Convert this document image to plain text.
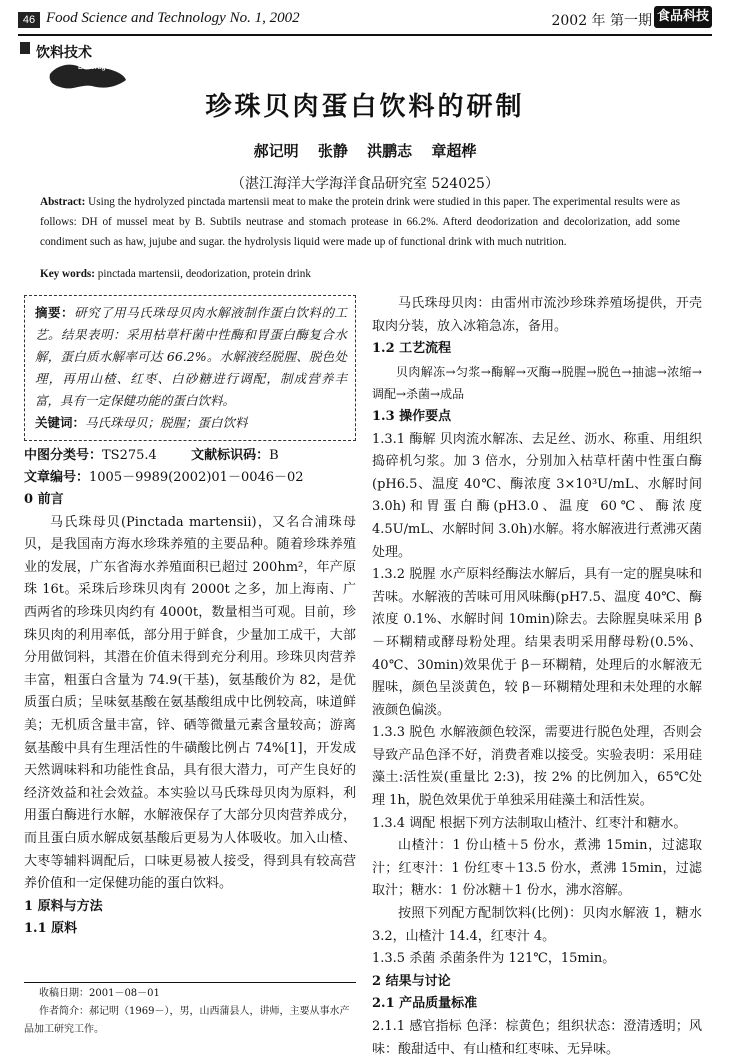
46 Food Science and Technology No. 1, 2002	2002 年 第一期 食品科技
饮料技术
Beverage
珍珠贝肉蛋白饮料的研制
郝记明 张静 洪鹏志 章超桦
（湛江海洋大学海洋食品研究室 524025）
Abstract: Using the hydrolyzed pinctada martensii meat to make the protein drink were studied in this paper. The experimental results were as follows: DH of mussel meat by B. Subtils neutrase and stomach protease in 66.2%. Afterd deodorization and decolorization, add some condiment such as haw, jujube and sugar. the hydrolysis liquid were made up of functional drink with much nutrition.
Key words: pinctada martensii, deodorization, protein drink
摘要：研究了用马氏珠母贝肉水解液制作蛋白饮料的工艺。结果表明：采用枯草杆菌中性酶和胃蛋白酶复合水解，蛋白质水解率可达 66.2%。水解液经脱腥、脱色处理，再用山楂、红枣、白砂糖进行调配，制成营养丰富，具有一定保健功能的蛋白饮料。
关键词：马氏珠母贝；脱腥；蛋白饮料
中图分类号：TS275.4	文献标识码：B
文章编号：1005－9989(2002)01－0046－02
0 前言

马氏珠母贝(Pinctada martensii)，又名合浦珠母贝，是我国南方海水珍珠养殖的主要品种。随着珍珠养殖业的发展，广东省海水养殖面积已超过 200hm²，年产原珠 16t。采珠后珍珠贝肉有 2000t 之多，加上海南、广西两省的珍珠贝肉约有 4000t，数量相当可观。目前，珍珠贝肉的利用率低，部分用于鲜食，少量加工成干，大部分用做饲料，其潜在价值未得到充分利用。珍珠贝肉营养丰富，粗蛋白含量为 74.9(干基)，氨基酸价为 82，是优质蛋白质；呈味氨基酸在氨基酸组成中比例较高，味道鲜美；无机质含量丰富，锌、硒等微量元素含量较高；游离氨基酸中具有生理活性的牛磺酸比例占 74%[1]，开发成天然调味料和功能性食品，具有很大潜力，可产生良好的经济效益和社会效益。本实验以马氏珠母贝肉为原料，利用蛋白酶进行水解，水解液保存了大部分贝肉营养成分，而且蛋白质水解成氨基酸后更易为人体吸收。加入山楂、大枣等辅料调配后，口味更易被人接受，得到具有较高营养价值和一定保健功能的蛋白饮料。

1 原料与方法
1.1 原料
收稿日期：2001－08－01
作者简介：郝记明（1969－），男，山西蒲县人，讲师，主要从事水产品加工研究工作。

马氏珠母贝肉：由雷州市流沙珍珠养殖场提供，开壳取肉分装，放入冰箱急冻，备用。

1.2 工艺流程

贝肉解冻→匀浆→酶解→灭酶→脱腥→脱色→抽滤→浓缩→调配→杀菌→成品

1.3 操作要点

1.3.1 酶解 贝肉流水解冻、去足丝、沥水、称重、用组织捣碎机匀浆。加 3 倍水，分别加入枯草杆菌中性蛋白酶(pH6.5、温度 40℃、酶浓度 3×10³U/mL、水解时间 3.0h)和胃蛋白酶(pH3.0、温度 60℃、酶浓度 4.5U/mL、水解时间 3.0h)水解。将水解液进行煮沸灭菌处理。

1.3.2 脱腥 水产原料经酶法水解后，具有一定的腥臭味和苦味。水解液的苦味可用风味酶(pH7.5、温度 40℃、酶浓度 0.1%、水解时间 10min)除去。去除腥臭味采用 β－环糊精或酵母粉处理。结果表明采用酵母粉(0.5%、40℃、30min)效果优于 β－环糊精，处理后的水解液无腥味，颜色呈淡黄色，较 β－环糊精处理和未处理的水解液颜色偏淡。

1.3.3 脱色 水解液颜色较深，需要进行脱色处理，否则会导致产品色泽不好，消费者难以接受。实验表明：采用硅藻土:活性炭(重量比 2:3)，按 2% 的比例加入，65℃处理 1h，脱色效果优于单独采用硅藻土和活性炭。

1.3.4 调配 根据下列方法制取山楂汁、红枣汁和糖水。

山楂汁：1 份山楂＋5 份水，煮沸 15min，过滤取汁；红枣汁：1 份红枣＋13.5 份水，煮沸 15min，过滤取汁；糖水：1 份冰糖＋1 份水，沸水溶解。

按照下列配方配制饮料(比例)：贝肉水解液 1，糖水 3.2，山楂汁 14.4，红枣汁 4。

1.3.5 杀菌 杀菌条件为 121℃，15min。

2 结果与讨论
2.1 产品质量标准

2.1.1 感官指标 色泽：棕黄色；组织状态：澄清透明；风味：酸甜适中、有山楂和红枣味、无异味。
